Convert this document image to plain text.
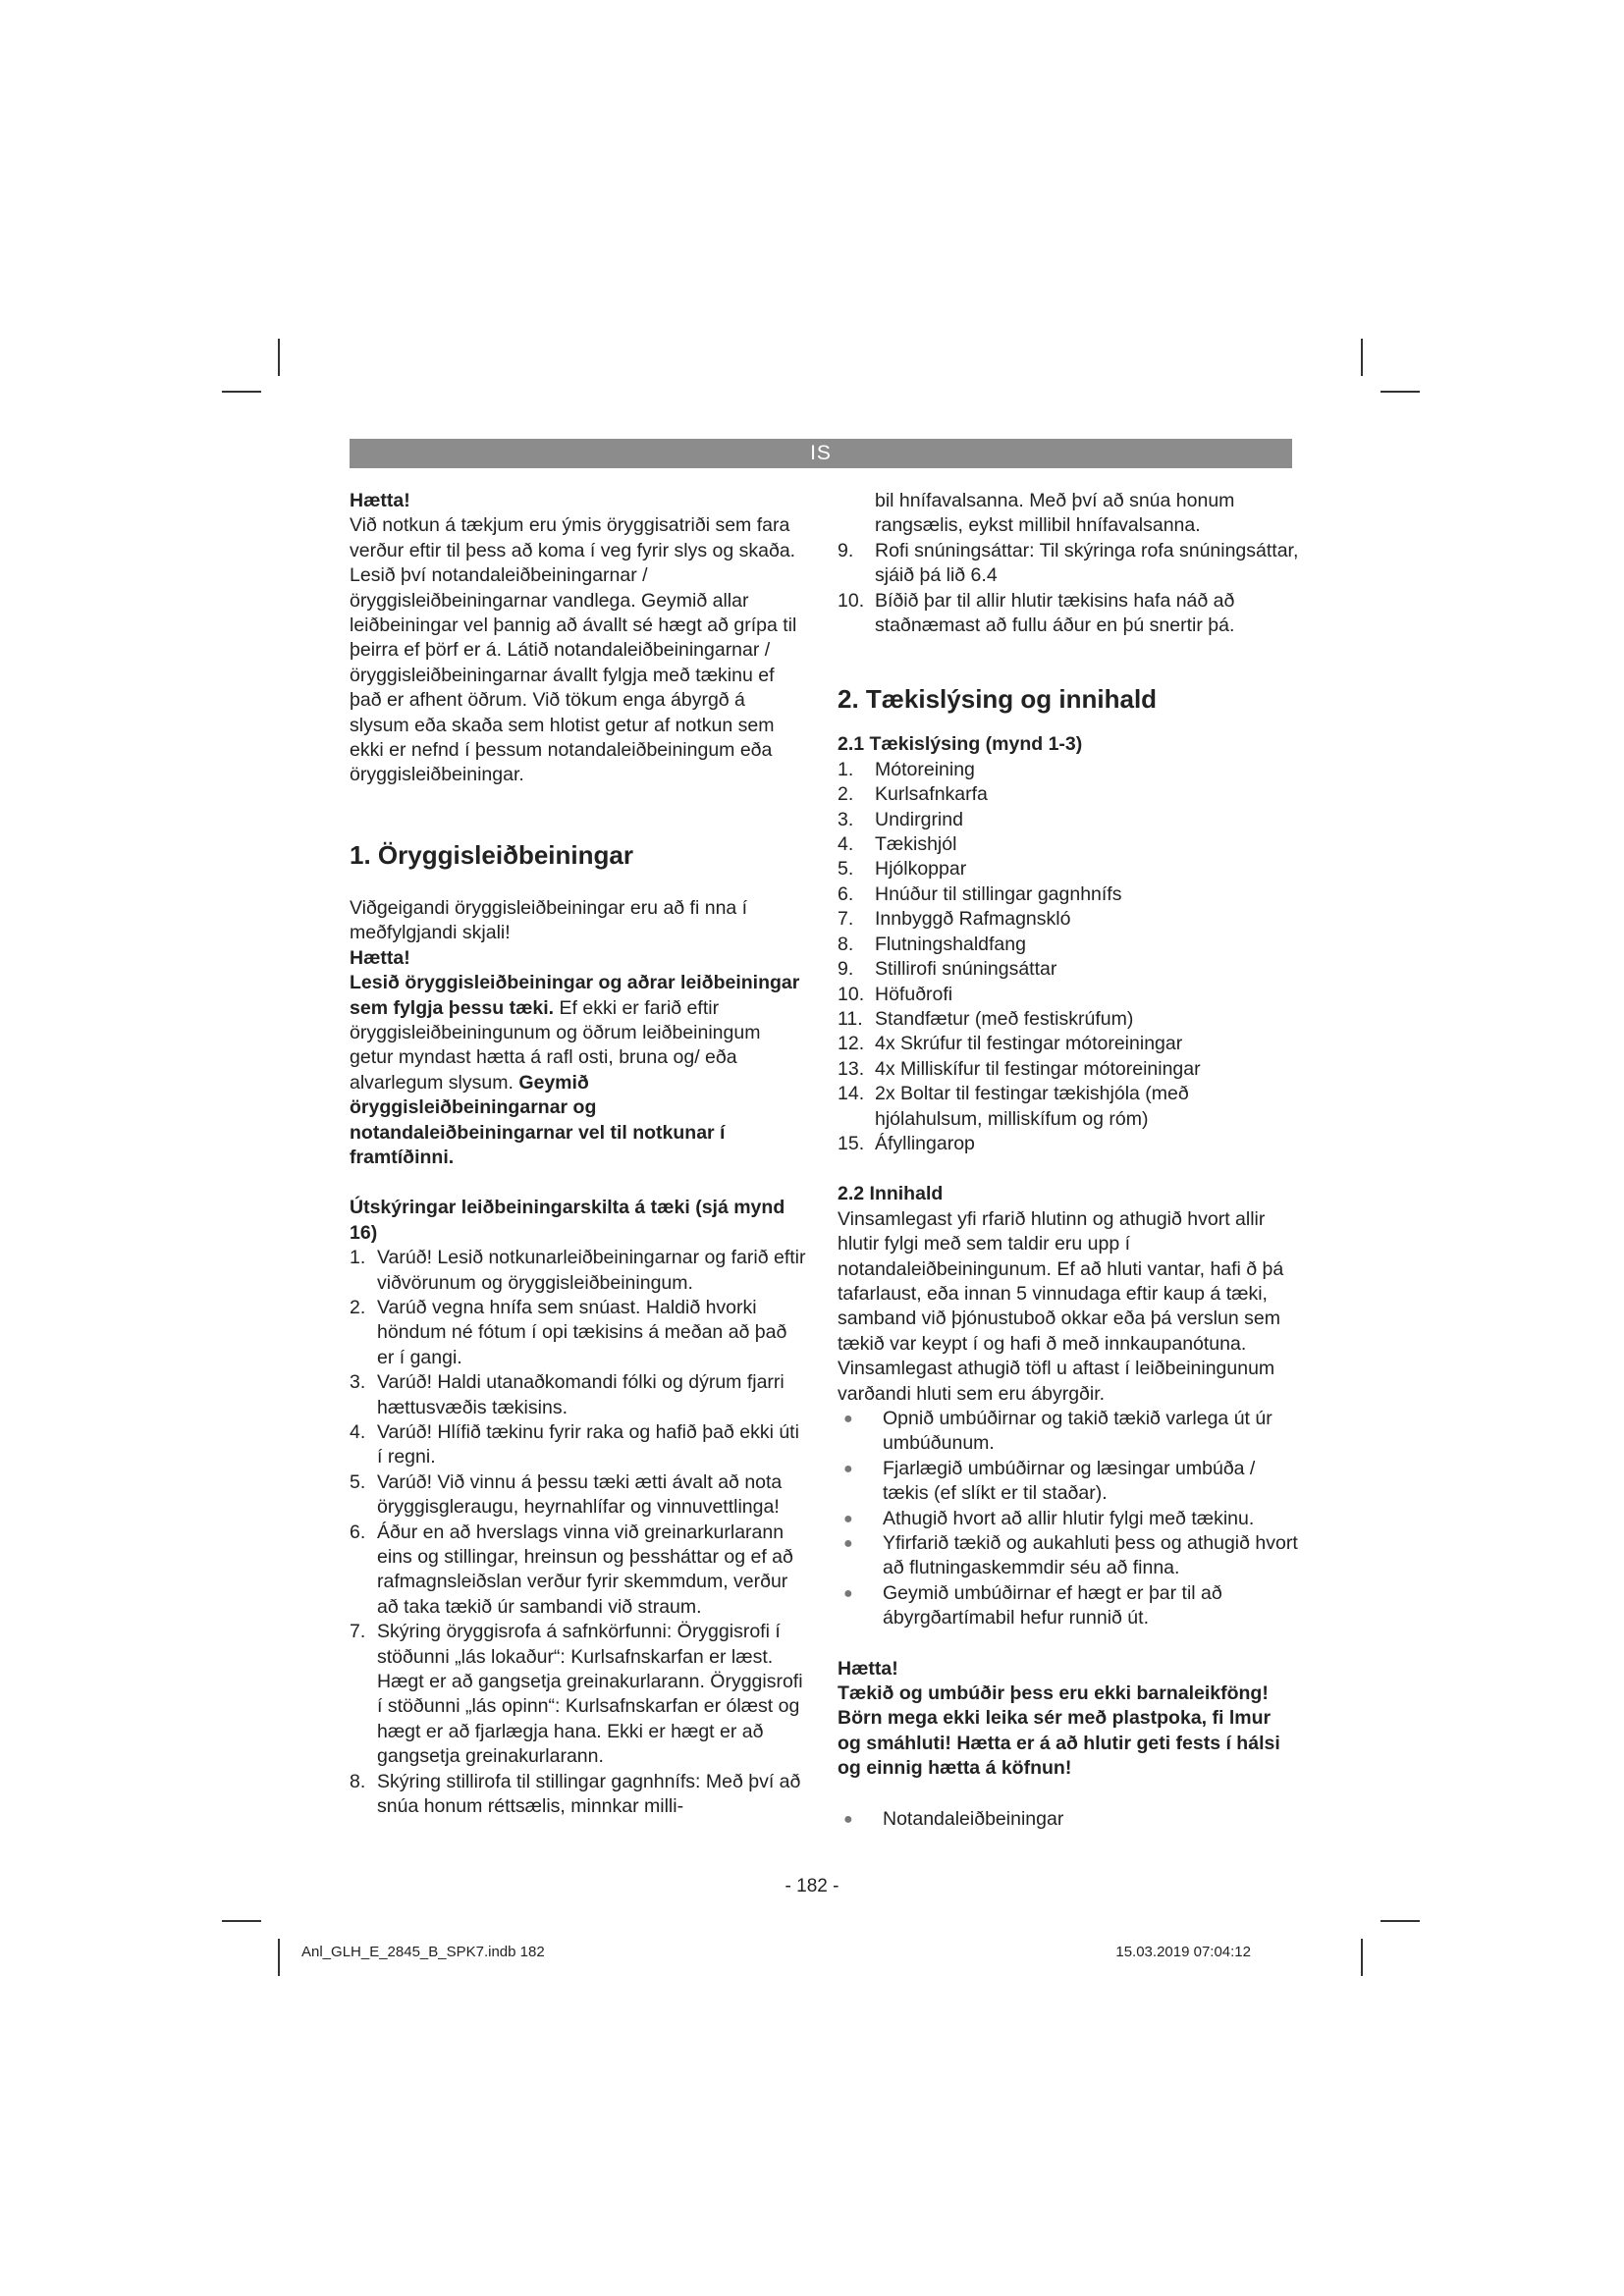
IS

Hætta!

Við notkun á tækjum eru ýmis öryggisatriði sem fara verður eftir til þess að koma í veg fyrir slys og skaða. Lesið því notandaleiðbeiningarnar / öryggisleiðbeiningarnar vandlega. Geymið allar leiðbeiningar vel þannig að ávallt sé hægt að grípa til þeirra ef þörf er á. Látið notandaleiðbeiningarnar / öryggisleiðbeiningarnar ávallt fylgja með tækinu ef það er afhent öðrum. Við tökum enga ábyrgð á slysum eða skaða sem hlotist getur af notkun sem ekki er nefnd í þessum notandaleiðbeiningum eða öryggisleiðbeiningar.

1. Öryggisleiðbeiningar

Viðgeigandi öryggisleiðbeiningar eru að fi nna í meðfylgjandi skjali!

Hætta!

Lesið öryggisleiðbeiningar og aðrar leiðbeiningar sem fylgja þessu tæki. Ef ekki er farið eftir öryggisleiðbeiningunum og öðrum leiðbeiningum getur myndast hætta á rafl osti, bruna og/ eða alvarlegum slysum. Geymið öryggisleiðbeiningarnar og notandaleiðbeiningarnar vel til notkunar í framtíðinni.

Útskýringar leiðbeiningarskilta á tæki (sjá mynd 16)

1. Varúð! Lesið notkunarleiðbeiningarnar og farið eftir viðvörunum og öryggisleiðbeiningum.
2. Varúð vegna hnífa sem snúast. Haldið hvorki höndum né fótum í opi tækisins á meðan að það er í gangi.
3. Varúð! Haldi utanaðkomandi fólki og dýrum fjarri hættusvæðis tækisins.
4. Varúð! Hlífið tækinu fyrir raka og hafið það ekki úti í regni.
5. Varúð! Við vinnu á þessu tæki ætti ávalt að nota öryggisgleraugu, heyrnahlífar og vinnuvettlinga!
6. Áður en að hverslags vinna við greinarkurlarann eins og stillingar, hreinsun og þessháttar og ef að rafmagnsleiðslan verður fyrir skemmdum, verður að taka tækið úr sambandi við straum.
7. Skýring öryggisrofa á safnkörfunni: Öryggisrofi í stöðunni „lás lokaður“: Kurlsafnskarfan er læst. Hægt er að gangsetja greinakurlarann. Öryggisrofi í stöðunni „lás opinn“: Kurlsafnskarfan er ólæst og hægt er að fjarlægja hana. Ekki er hægt er að gangsetja greinakurlarann.
8. Skýring stillirofa til stillingar gagnhnífs: Með því að snúa honum réttsælis, minnkar milli-

bil hnífavalsanna. Með því að snúa honum rangsælis, eykst millibil hnífavalsanna.

9. Rofi snúningsáttar: Til skýringa rofa snúningsáttar, sjáið þá lið 6.4
10. Bíðið þar til allir hlutir tækisins hafa náð að staðnæmast að fullu áður en þú snertir þá.

2. Tækislýsing og innihald

2.1 Tækislýsing (mynd 1-3)

1. Mótoreining
2. Kurlsafnkarfa
3. Undirgrind
4. Tækishjól
5. Hjólkoppar
6. Hnúður til stillingar gagnhnífs
7. Innbyggð Rafmagnskló
8. Flutningshaldfang
9. Stillirofi snúningsáttar
10. Höfuðrofi
11. Standfætur (með festiskrúfum)
12. 4x Skrúfur til festingar mótoreiningar
13. 4x Milliskífur til festingar mótoreiningar
14. 2x Boltar til festingar tækishjóla (með hjólahulsum, milliskífum og róm)
15. Áfyllingarop

2.2 Innihald

Vinsamlegast yfi rfarið hlutinn og athugið hvort allir hlutir fylgi með sem taldir eru upp í notandaleiðbeiningunum. Ef að hluti vantar, hafi ð þá tafarlaust, eða innan 5 vinnudaga eftir kaup á tæki, samband við þjónustuboð okkar eða þá verslun sem tækið var keypt í og hafi ð með innkaupanótuna. Vinsamlegast athugið töfl u aftast í leiðbeiningunum varðandi hluti sem eru ábyrgðir.

● Opnið umbúðirnar og takið tækið varlega út úr umbúðunum.
● Fjarlægið umbúðirnar og læsingar umbúða / tækis (ef slíkt er til staðar).
● Athugið hvort að allir hlutir fylgi með tækinu.
● Yfirfarið tækið og aukahluti þess og athugið hvort að flutningaskemmdir séu að finna.
● Geymið umbúðirnar ef hægt er þar til að ábyrgðartímabil hefur runnið út.

Hætta!

Tækið og umbúðir þess eru ekki barnaleikföng! Börn mega ekki leika sér með plastpoka, fi lmur og smáhluti! Hætta er á að hlutir geti fests í hálsi og einnig hætta á köfnun!

● Notandaleiðbeiningar
- 182 -
Anl_GLH_E_2845_B_SPK7.indb 182	15.03.2019 07:04:12
